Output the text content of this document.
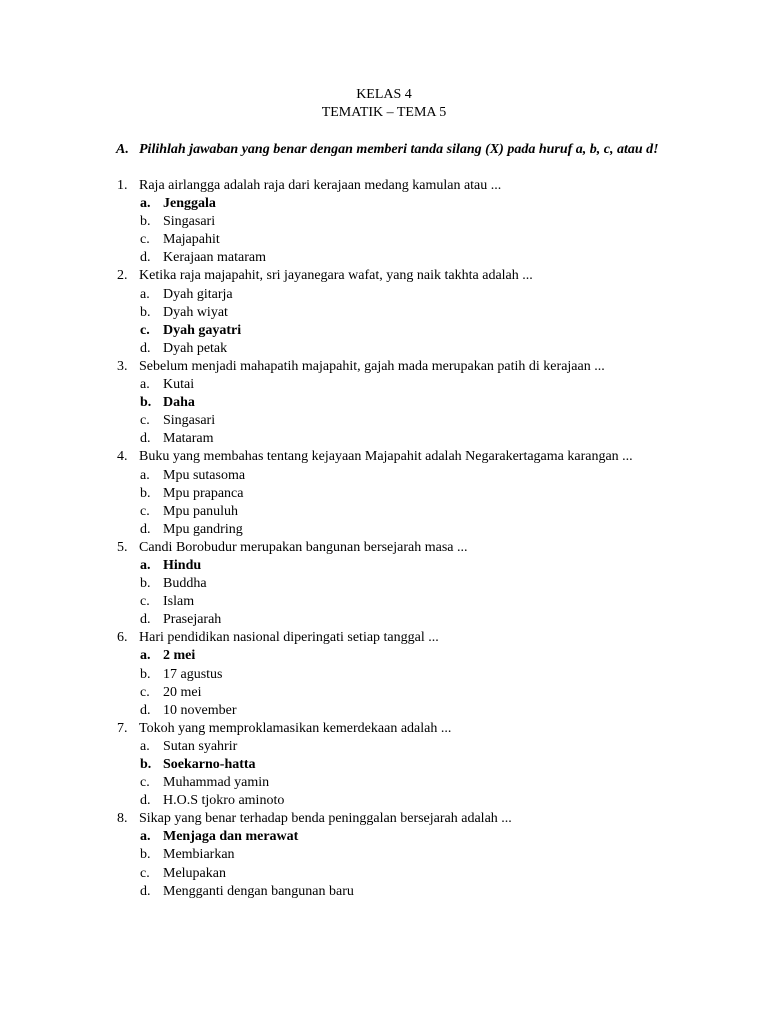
KELAS 4
TEMATIK – TEMA 5
A. Pilihlah jawaban yang benar dengan memberi tanda silang (X) pada huruf a, b, c, atau d!
1. Raja airlangga adalah raja dari kerajaan medang kamulan atau ...
a. Jenggala
b. Singasari
c. Majapahit
d. Kerajaan mataram
2. Ketika raja majapahit, sri jayanegara wafat, yang naik takhta adalah ...
a. Dyah gitarja
b. Dyah wiyat
c. Dyah gayatri
d. Dyah petak
3. Sebelum menjadi mahapatih majapahit, gajah mada merupakan patih di kerajaan ...
a. Kutai
b. Daha
c. Singasari
d. Mataram
4. Buku yang membahas tentang kejayaan Majapahit adalah Negarakertagama karangan ...
a. Mpu sutasoma
b. Mpu prapanca
c. Mpu panuluh
d. Mpu gandring
5. Candi Borobudur merupakan bangunan bersejarah masa ...
a. Hindu
b. Buddha
c. Islam
d. Prasejarah
6. Hari pendidikan nasional diperingati setiap tanggal ...
a. 2 mei
b. 17 agustus
c. 20 mei
d. 10 november
7. Tokoh yang memproklamasikan kemerdekaan adalah ...
a. Sutan syahrir
b. Soekarno-hatta
c. Muhammad yamin
d. H.O.S tjokro aminoto
8. Sikap yang benar terhadap benda peninggalan bersejarah adalah ...
a. Menjaga dan merawat
b. Membiarkan
c. Melupakan
d. Mengganti dengan bangunan baru
